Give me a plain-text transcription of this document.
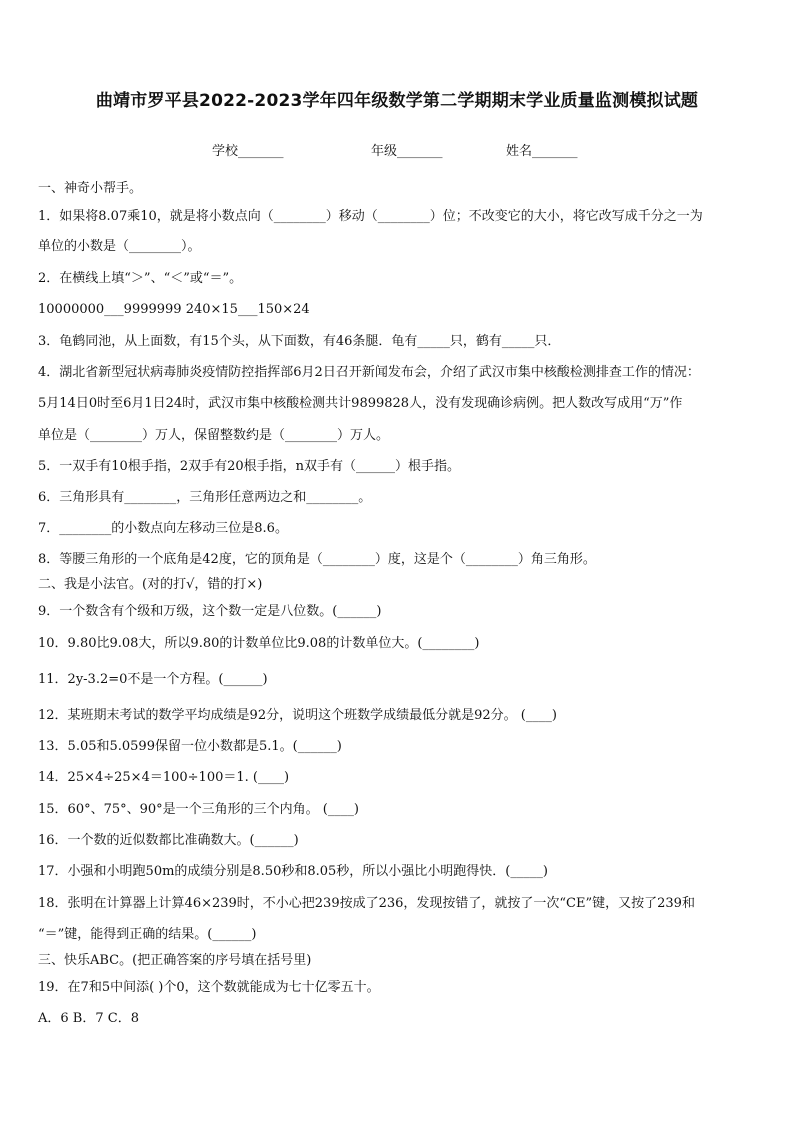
曲靖市罗平县2022-2023学年四年级数学第二学期期末学业质量监测模拟试题
学校_______	年级_______	姓名_______
一、神奇小帮手。
1．如果将8.07乘10，就是将小数点向（________）移动（________）位；不改变它的大小，将它改写成千分之一为
单位的小数是（________）。
2．在横线上填“＞”、“＜”或“＝”。
10000000___9999999 240×15___150×24
3．龟鹤同池，从上面数，有15个头，从下面数，有46条腿．龟有_____只，鹤有_____只．
4．湖北省新型冠状病毒肺炎疫情防控指挥部6月2日召开新闻发布会，介绍了武汉市集中核酸检测排查工作的情况：
5月14日0时至6月1日24时，武汉市集中核酸检测共计9899828人，没有发现确诊病例。把人数改写成用“万”作
单位是（________）万人，保留整数约是（________）万人。
5．一双手有10根手指，2双手有20根手指，n双手有（______）根手指。
6．三角形具有________，三角形任意两边之和________。
7．________的小数点向左移动三位是8.6。
8．等腰三角形的一个底角是42度，它的顶角是（________）度，这是个（________）角三角形。
二、我是小法官。(对的打√，错的打×)
9．一个数含有个级和万级，这个数一定是八位数。(______)
10．9.80比9.08大，所以9.80的计数单位比9.08的计数单位大。(________)
11．2y-3.2=0不是一个方程。(______)
12．某班期末考试的数学平均成绩是92分，说明这个班数学成绩最低分就是92分。 (____)
13．5.05和5.0599保留一位小数都是5.1。(______)
14．25×4÷25×4＝100÷100＝1. (____)
15．60°、75°、90°是一个三角形的三个内角。 (____)
16．一个数的近似数都比准确数大。(______)
17．小强和小明跑50m的成绩分别是8.50秒和8.05秒，所以小强比小明跑得快．(_____)
18．张明在计算器上计算46×239时，不小心把239按成了236，发现按错了，就按了一次“CE”键，又按了239和
“＝”键，能得到正确的结果。(______)
三、快乐ABC。(把正确答案的序号填在括号里)
19．在7和5中间添( )个0，这个数就能成为七十亿零五十。
A．6 B．7 C．8
